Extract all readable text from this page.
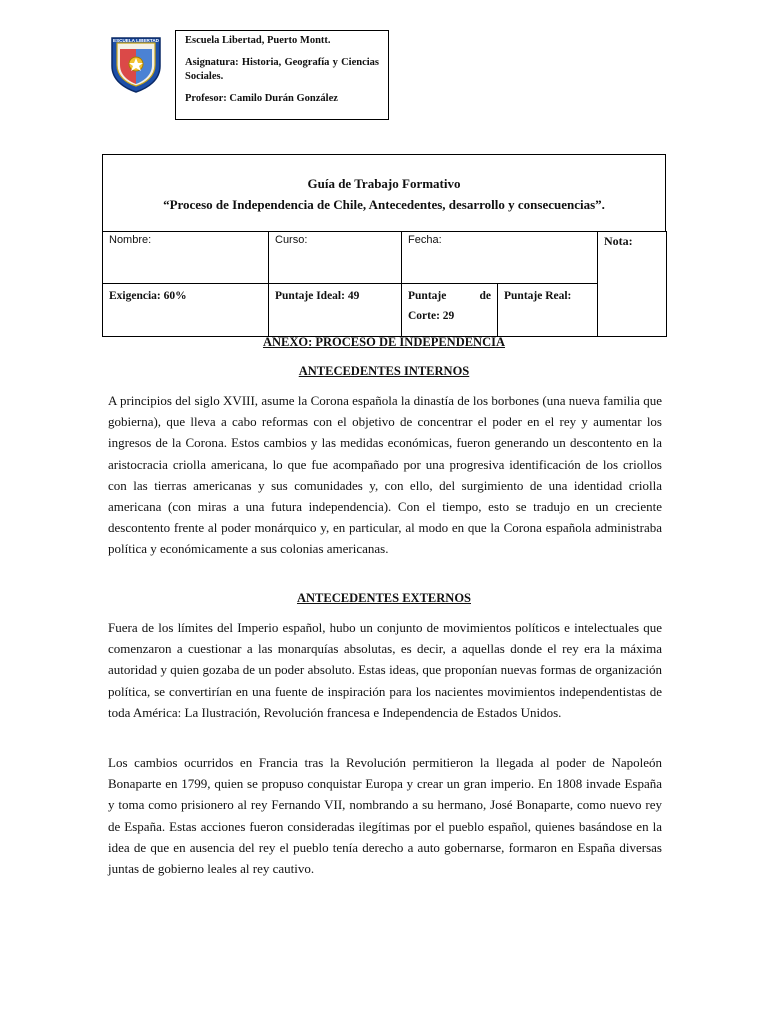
ESCUELA LIBERTAD Escuela Libertad, Puerto Montt.

Asignatura: Historia, Geografía y Ciencias Sociales.

Profesor: Camilo Durán González

Guía de Trabajo Formativo
“Proceso de Independencia de Chile, Antecedentes, desarrollo y consecuencias”.
Nombre:	Curso:	Fecha:		Nota:
Exigencia: 60%	Puntaje Ideal: 49	Puntaje de Corte: 29	Puntaje Real:	
ANEXO: PROCESO DE INDEPENDENCIA
ANTECEDENTES INTERNOS

A principios del siglo XVIII, asume la Corona española la dinastía de los borbones (una nueva familia que gobierna), que lleva a cabo reformas con el objetivo de concentrar el poder en el rey y aumentar los ingresos de la Corona. Estos cambios y las medidas económicas, fueron generando un descontento en la aristocracia criolla americana, lo que fue acompañado por una progresiva identificación de los criollos con las tierras americanas y sus comunidades y, con ello, del surgimiento de una identidad criolla americana (con miras a una futura independencia). Con el tiempo, esto se tradujo en un creciente descontento frente al poder monárquico y, en particular, al modo en que la Corona española administraba política y económicamente a sus colonias americanas.

ANTECEDENTES EXTERNOS

Fuera de los límites del Imperio español, hubo un conjunto de movimientos políticos e intelectuales que comenzaron a cuestionar a las monarquías absolutas, es decir, a aquellas donde el rey era la máxima autoridad y quien gozaba de un poder absoluto. Estas ideas, que proponían nuevas formas de organización política, se convertirían en una fuente de inspiración para los nacientes movimientos independentistas de toda América: La Ilustración, Revolución francesa e Independencia de Estados Unidos.

Los cambios ocurridos en Francia tras la Revolución permitieron la llegada al poder de Napoleón Bonaparte en 1799, quien se propuso conquistar Europa y crear un gran imperio. En 1808 invade España y toma como prisionero al rey Fernando VII, nombrando a su hermano, José Bonaparte, como nuevo rey de España. Estas acciones fueron consideradas ilegítimas por el pueblo español, quienes basándose en la idea de que en ausencia del rey el pueblo tenía derecho a auto gobernarse, formaron en España diversas juntas de gobierno leales al rey cautivo.
